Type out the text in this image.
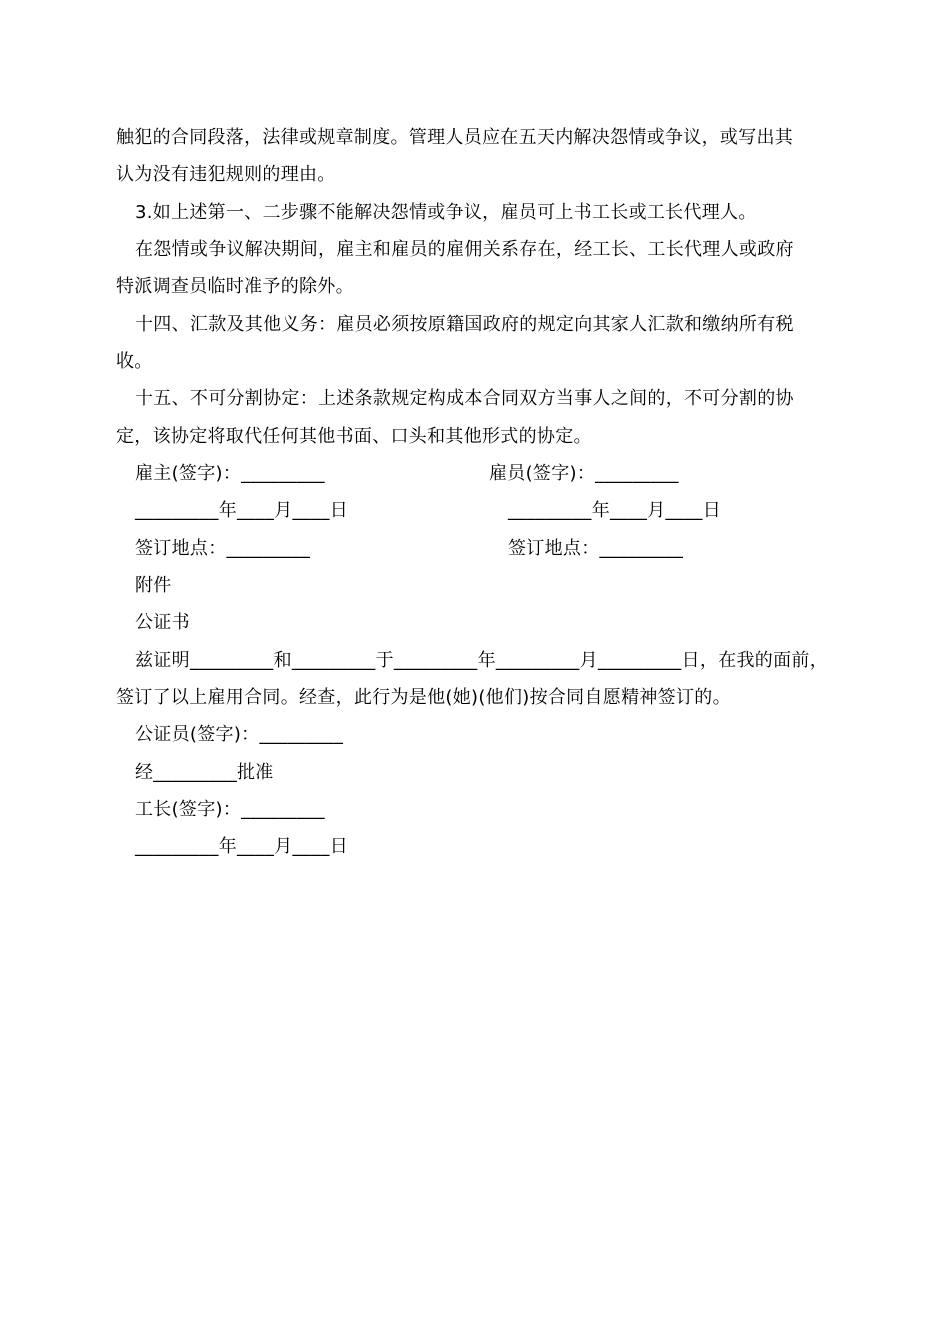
触犯的合同段落，法律或规章制度。管理人员应在五天内解决怨情或争议，或写出其
认为没有违犯规则的理由。
3.如上述第一、二步骤不能解决怨情或争议，雇员可上书工长或工长代理人。
在怨情或争议解决期间，雇主和雇员的雇佣关系存在，经工长、工长代理人或政府
特派调查员临时准予的除外。
十四、汇款及其他义务：雇员必须按原籍国政府的规定向其家人汇款和缴纳所有税
收。
十五、不可分割协定：上述条款规定构成本合同双方当事人之间的，不可分割的协
定，该协定将取代任何其他书面、口头和其他形式的协定。
雇主(签字)：_________	雇员(签字)：_________
_________年____月____日	_________年____月____日
签订地点：_________	签订地点：_________
附件
公证书
兹证明_________和_________于_________年_________月_________日，在我的面前，
签订了以上雇用合同。经查，此行为是他(她)(他们)按合同自愿精神签订的。
公证员(签字)：_________
经_________批准
工长(签字)：_________
_________年____月____日
